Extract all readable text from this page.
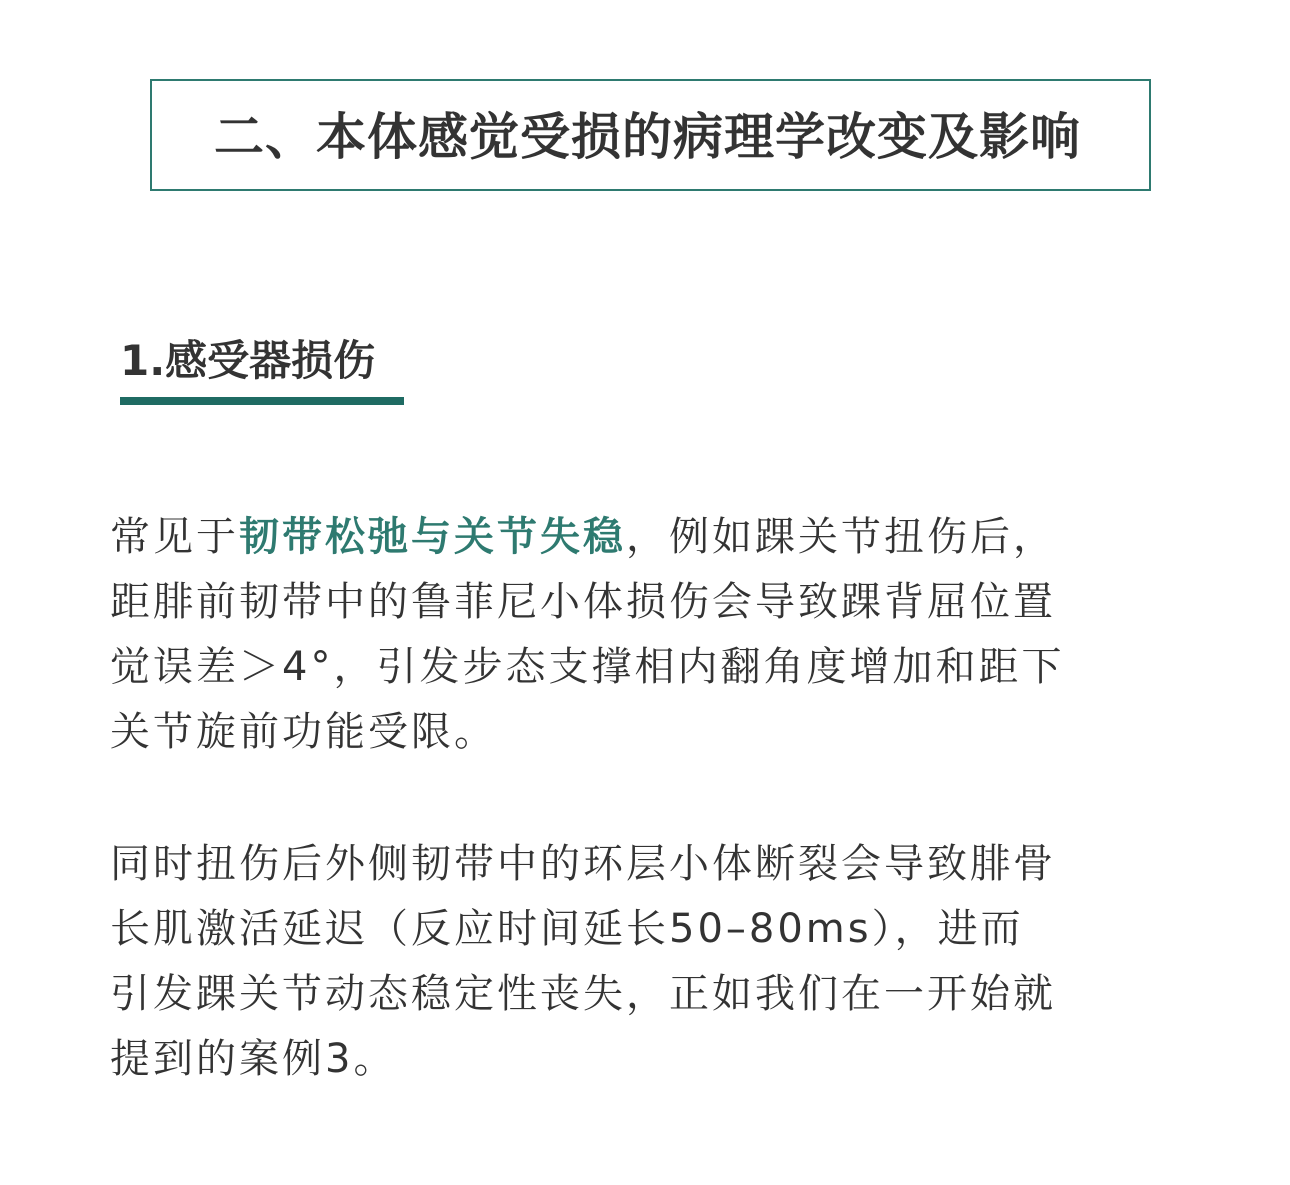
二、本体感觉受损的病理学改变及影响
1.感受器损伤

常见于韧带松弛与关节失稳，例如踝关节扭伤后，
距腓前韧带中的鲁菲尼小体损伤会导致踝背屈位置
觉误差＞4°，引发步态支撑相内翻角度增加和距下
关节旋前功能受限。

同时扭伤后外侧韧带中的环层小体断裂会导致腓骨
长肌激活延迟（反应时间延长50–80ms），进而
引发踝关节动态稳定性丧失，正如我们在一开始就
提到的案例3。
